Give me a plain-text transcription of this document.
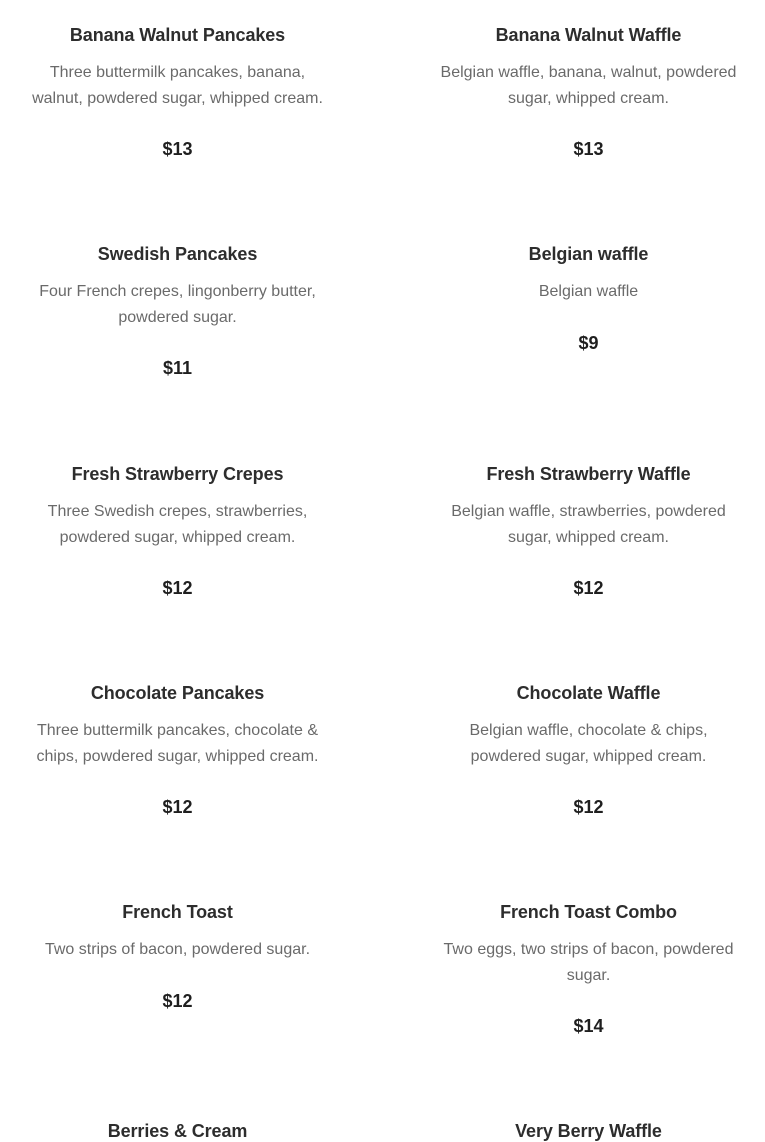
Banana Walnut Pancakes
Three buttermilk pancakes, banana, walnut, powdered sugar, whipped cream.
$13
Banana Walnut Waffle
Belgian waffle, banana, walnut, powdered sugar, whipped cream.
$13
Swedish Pancakes
Four French crepes, lingonberry butter, powdered sugar.
$11
Belgian waffle
Belgian waffle
$9
Fresh Strawberry Crepes
Three Swedish crepes, strawberries, powdered sugar, whipped cream.
$12
Fresh Strawberry Waffle
Belgian waffle, strawberries, powdered sugar, whipped cream.
$12
Chocolate Pancakes
Three buttermilk pancakes, chocolate & chips, powdered sugar, whipped cream.
$12
Chocolate Waffle
Belgian waffle, chocolate & chips, powdered sugar, whipped cream.
$12
French Toast
Two strips of bacon, powdered sugar.
$12
French Toast Combo
Two eggs, two strips of bacon, powdered sugar.
$14
Berries & Cream	Very Berry Waffle
